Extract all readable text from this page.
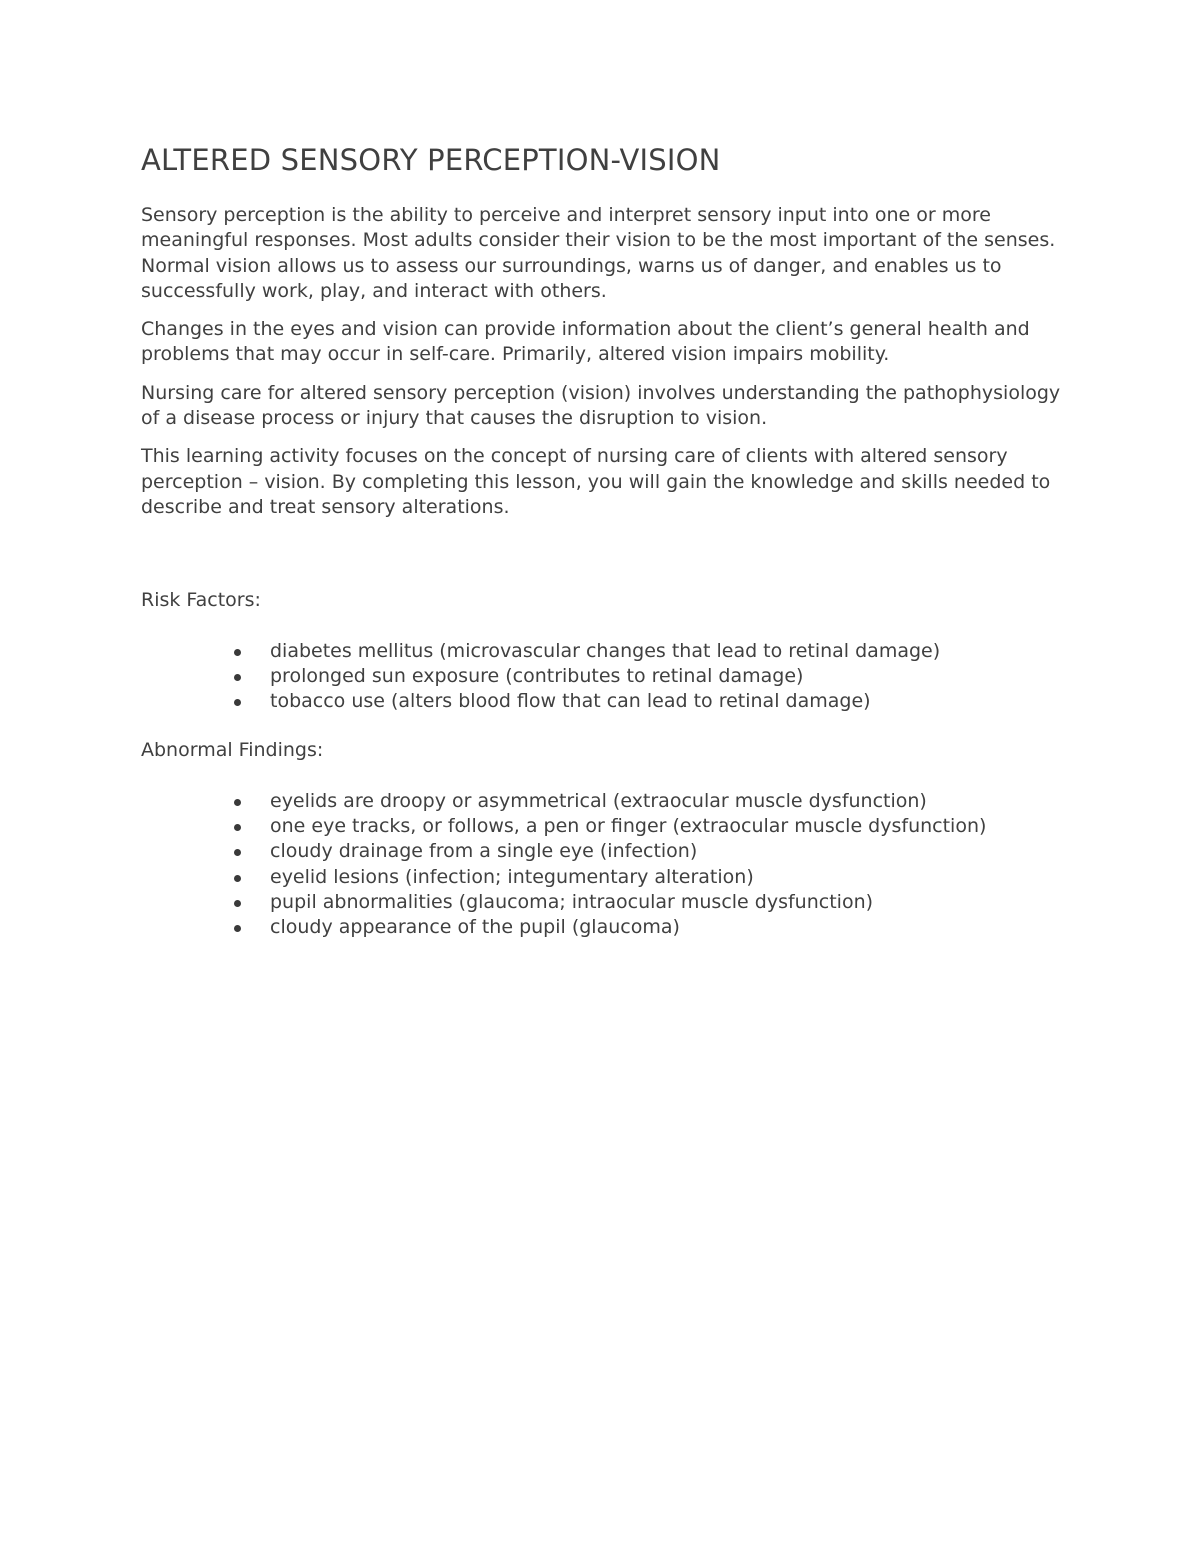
ALTERED SENSORY PERCEPTION-VISION

Sensory perception is the ability to perceive and interpret sensory input into one or more meaningful responses. Most adults consider their vision to be the most important of the senses. Normal vision allows us to assess our surroundings, warns us of danger, and enables us to successfully work, play, and interact with others.

Changes in the eyes and vision can provide information about the client’s general health and problems that may occur in self-care. Primarily, altered vision impairs mobility.

Nursing care for altered sensory perception (vision) involves understanding the pathophysiology of a disease process or injury that causes the disruption to vision.

This learning activity focuses on the concept of nursing care of clients with altered sensory perception – vision. By completing this lesson, you will gain the knowledge and skills needed to describe and treat sensory alterations.

Risk Factors:

diabetes mellitus (microvascular changes that lead to retinal damage)
prolonged sun exposure (contributes to retinal damage)
tobacco use (alters blood flow that can lead to retinal damage)

Abnormal Findings:

eyelids are droopy or asymmetrical (extraocular muscle dysfunction)
one eye tracks, or follows, a pen or finger (extraocular muscle dysfunction)
cloudy drainage from a single eye (infection)
eyelid lesions (infection; integumentary alteration)
pupil abnormalities (glaucoma; intraocular muscle dysfunction)
cloudy appearance of the pupil (glaucoma)
